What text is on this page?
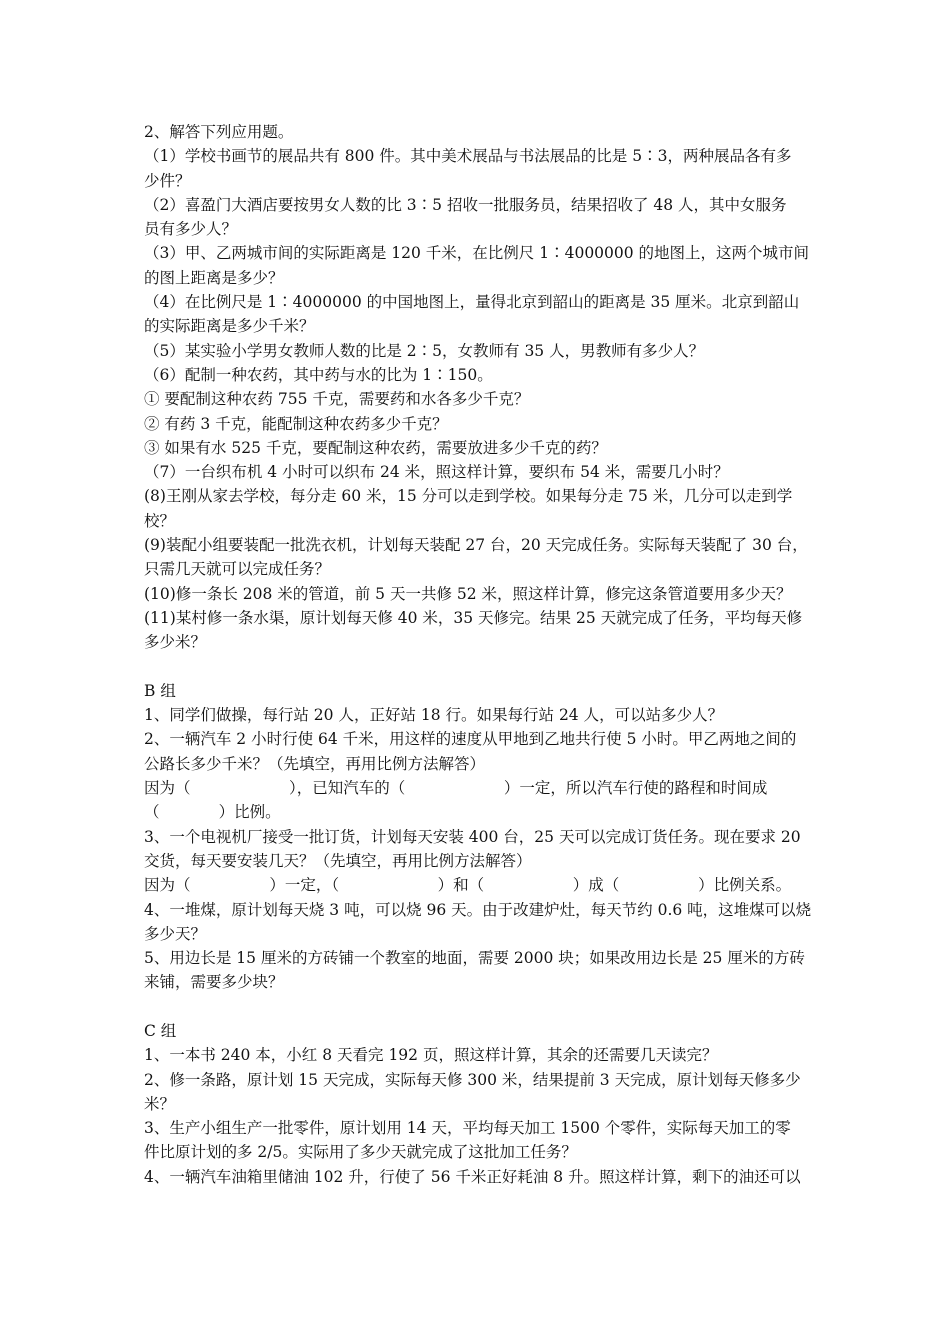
2、解答下列应用题。
（1）学校书画节的展品共有 800 件。其中美术展品与书法展品的比是 5∶3，两种展品各有多
少件？
（2）喜盈门大酒店要按男女人数的比 3∶5 招收一批服务员，结果招收了 48 人，其中女服务
员有多少人？
（3）甲、乙两城市间的实际距离是 120 千米，在比例尺 1∶4000000 的地图上，这两个城市间
的图上距离是多少？
（4）在比例尺是 1∶4000000 的中国地图上，量得北京到韶山的距离是 35 厘米。北京到韶山
的实际距离是多少千米？
（5）某实验小学男女教师人数的比是 2∶5，女教师有 35 人，男教师有多少人？
（6）配制一种农药，其中药与水的比为 1∶150。
① 要配制这种农药 755 千克，需要药和水各多少千克？
② 有药 3 千克，能配制这种农药多少千克？
③ 如果有水 525 千克，要配制这种农药，需要放进多少千克的药？
（7）一台织布机 4 小时可以织布 24 米，照这样计算，要织布 54 米，需要几小时？
(8)王刚从家去学校，每分走 60 米，15 分可以走到学校。如果每分走 75 米，几分可以走到学
校？
(9)装配小组要装配一批洗衣机，计划每天装配 27 台，20 天完成任务。实际每天装配了 30 台，
只需几天就可以完成任务？
(10)修一条长 208 米的管道，前 5 天一共修 52 米，照这样计算，修完这条管道要用多少天？
(11)某村修一条水渠，原计划每天修 40 米，35 天修完。结果 25 天就完成了任务，平均每天修
多少米？
B 组
1、同学们做操，每行站 20 人，正好站 18 行。如果每行站 24 人，可以站多少人？
2、一辆汽车 2 小时行使 64 千米，用这样的速度从甲地到乙地共行使 5 小时。甲乙两地之间的
公路长多少千米？（先填空，再用比例方法解答）
因为（                    ），已知汽车的（                    ）一定，所以汽车行使的路程和时间成
（            ）比例。
3、一个电视机厂接受一批订货，计划每天安装 400 台，25 天可以完成订货任务。现在要求 20
交货，每天要安装几天？（先填空，再用比例方法解答）
因为（                ）一定，（                    ）和（                  ）成（                ）比例关系。
4、一堆煤，原计划每天烧 3 吨，可以烧 96 天。由于改建炉灶，每天节约 0.6 吨，这堆煤可以烧
多少天？
5、用边长是 15 厘米的方砖铺一个教室的地面，需要 2000 块；如果改用边长是 25 厘米的方砖
来铺，需要多少块？
C 组
1、一本书 240 本，小红 8 天看完 192 页，照这样计算，其余的还需要几天读完？
2、修一条路，原计划 15 天完成，实际每天修 300 米，结果提前 3 天完成，原计划每天修多少
米？
3、生产小组生产一批零件，原计划用 14 天，平均每天加工 1500 个零件，实际每天加工的零
件比原计划的多 2/5。实际用了多少天就完成了这批加工任务？
4、一辆汽车油箱里储油 102 升，行使了 56 千米正好耗油 8 升。照这样计算，剩下的油还可以
